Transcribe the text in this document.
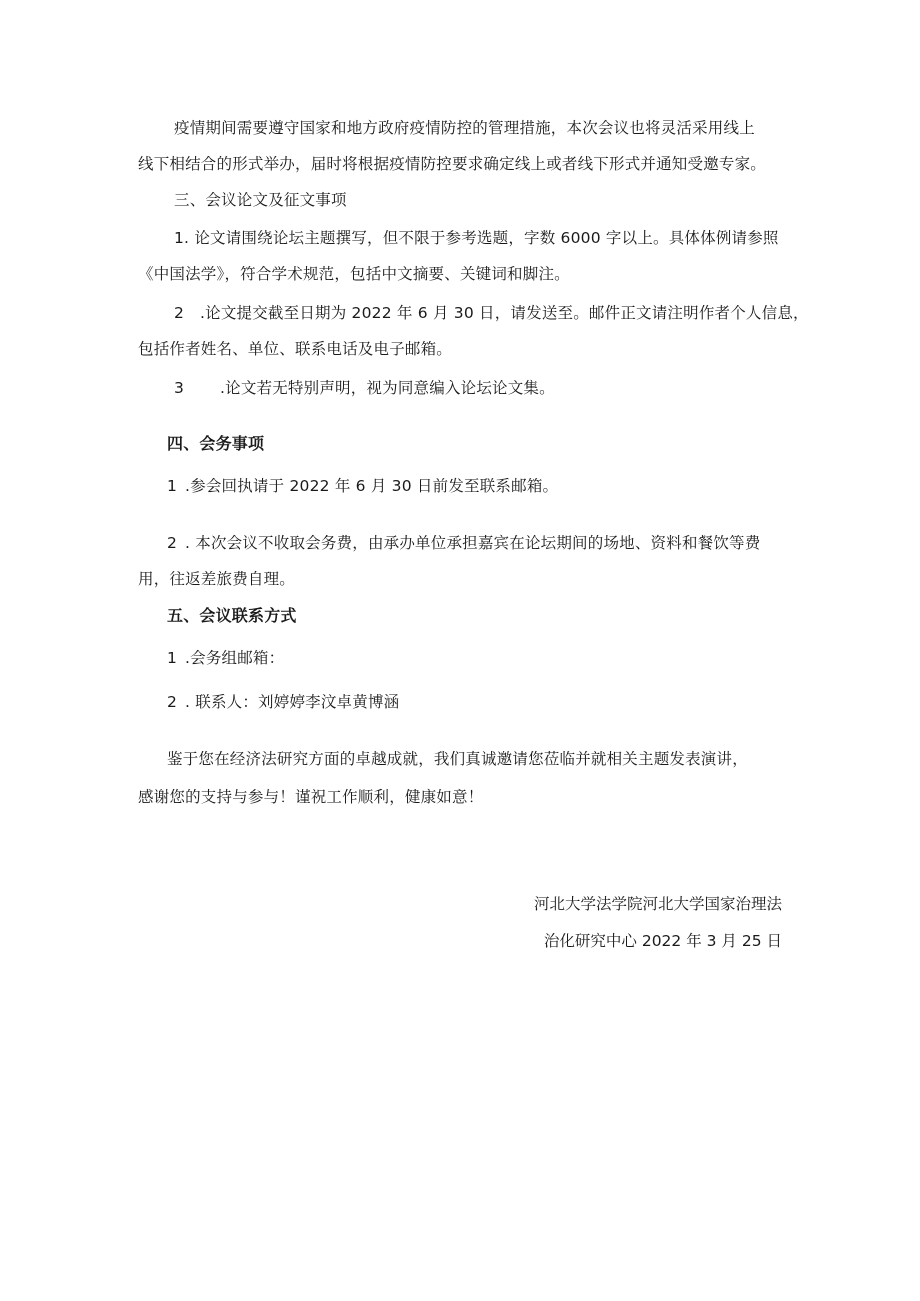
疫情期间需要遵守国家和地方政府疫情防控的管理措施，本次会议也将灵活采用线上
线下相结合的形式举办，届时将根据疫情防控要求确定线上或者线下形式并通知受邀专家。
三、会议论文及征文事项
1. 论文请围绕论坛主题撰写，但不限于参考选题，字数 6000 字以上。具体体例请参照
《中国法学》，符合学术规范，包括中文摘要、关键词和脚注。
2 .论文提交截至日期为 2022 年 6 月 30 日，请发送至。邮件正文请注明作者个人信息，
包括作者姓名、单位、联系电话及电子邮箱。
3 .论文若无特别声明，视为同意编入论坛论文集。
四、会务事项
1 .参会回执请于 2022 年 6 月 30 日前发至联系邮箱。
2 . 本次会议不收取会务费，由承办单位承担嘉宾在论坛期间的场地、资料和餐饮等费
用，往返差旅费自理。
五、会议联系方式
1 .会务组邮箱：
2 . 联系人：刘婷婷李汶卓黄博涵
鉴于您在经济法研究方面的卓越成就，我们真诚邀请您莅临并就相关主题发表演讲，
感谢您的支持与参与！谨祝工作顺利，健康如意！
河北大学法学院河北大学国家治理法
治化研究中心 2022 年 3 月 25 日
